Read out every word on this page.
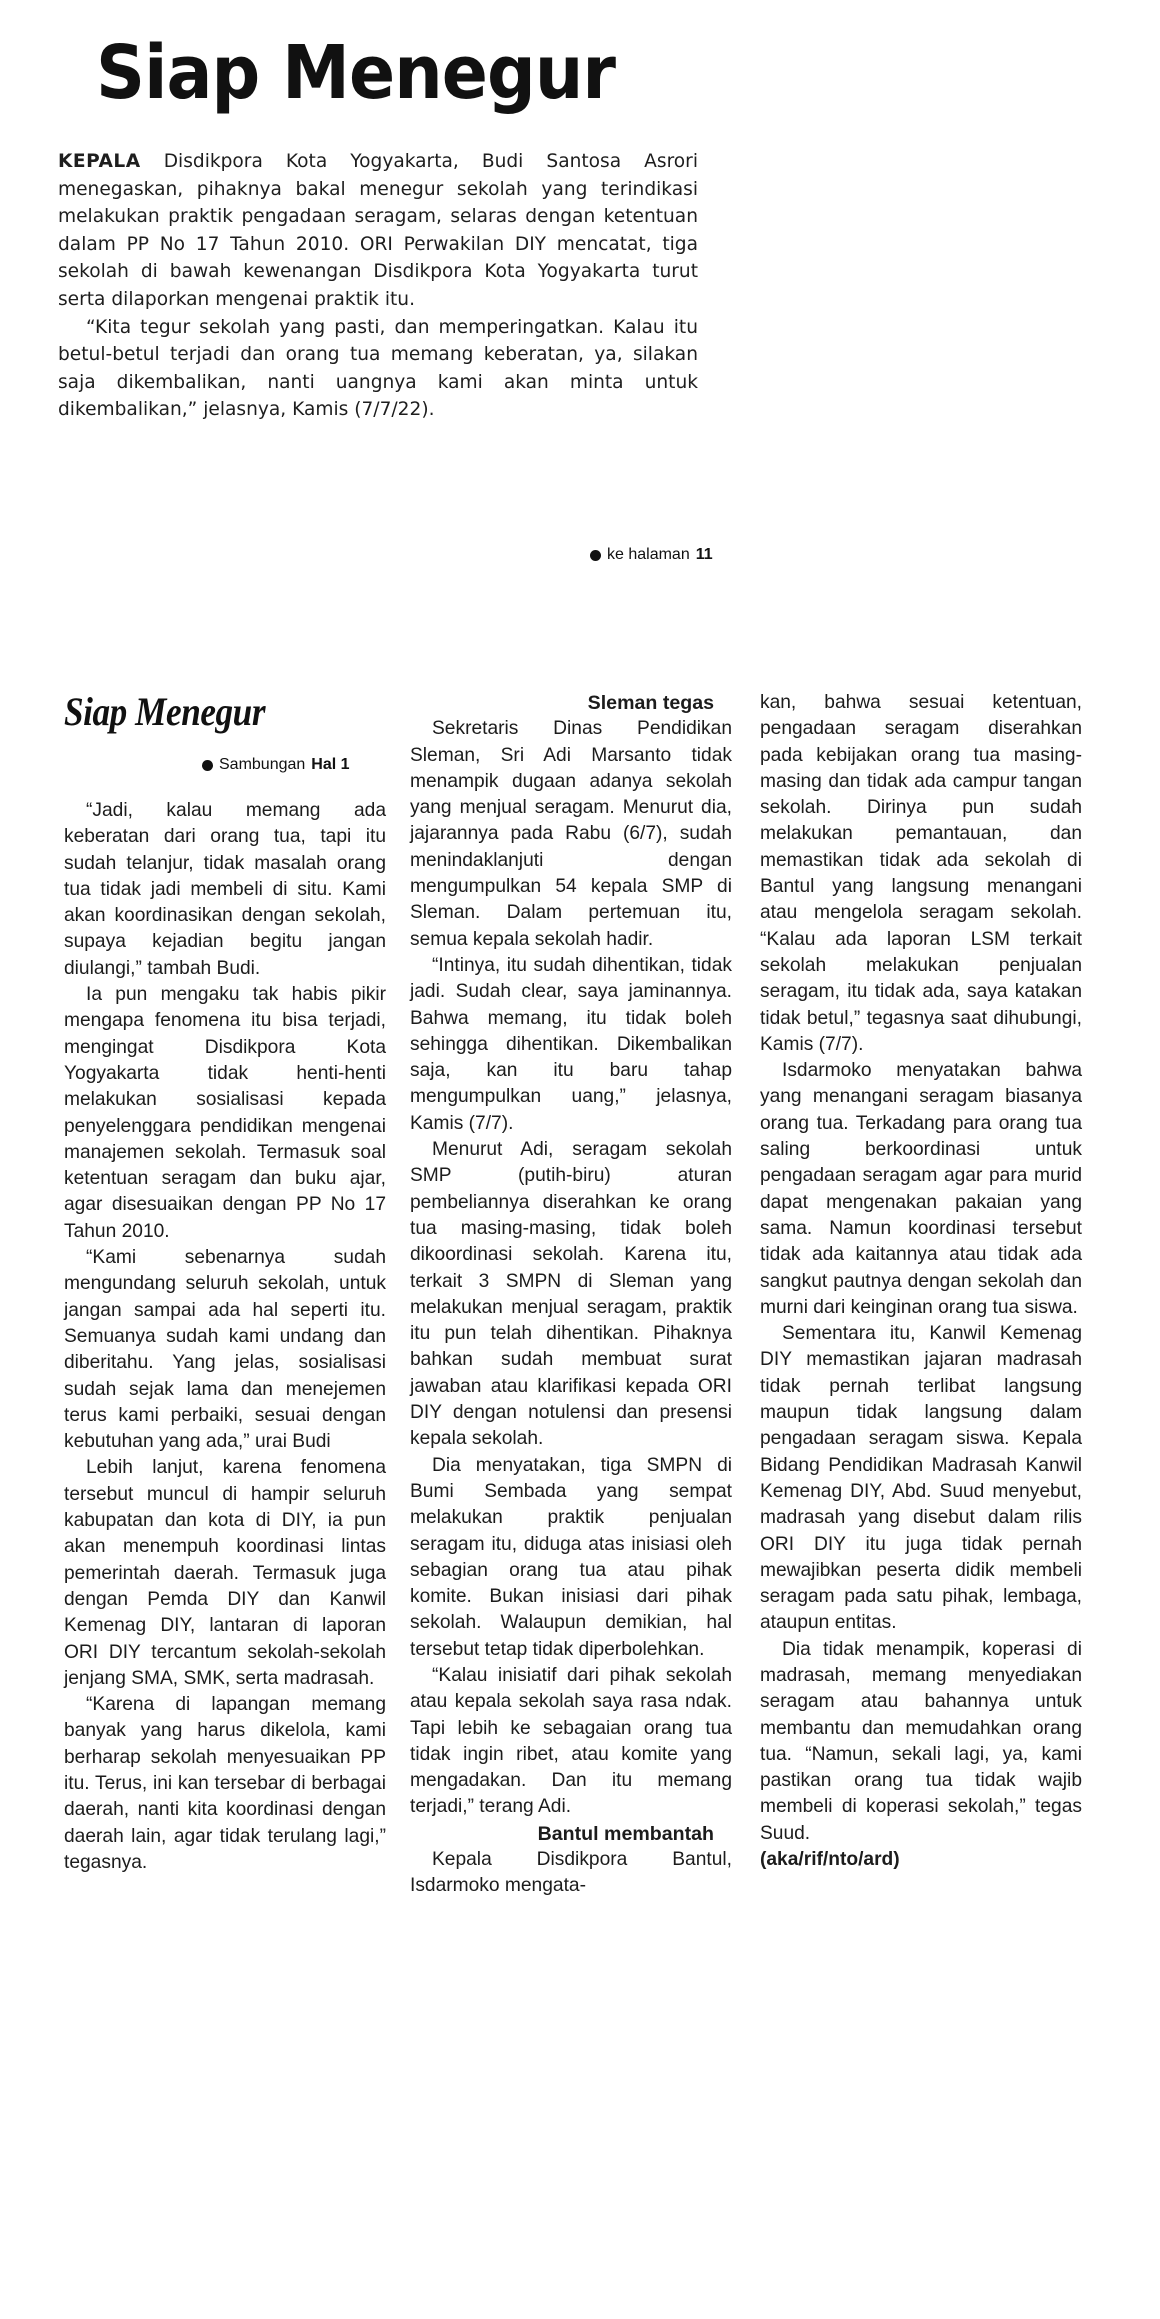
Siap Menegur

KEPALA Disdikpora Kota Yogyakarta, Budi Santosa Asrori menegaskan, pihaknya bakal menegur sekolah yang terindikasi melakukan praktik pengadaan seragam, selaras dengan ketentuan dalam PP No 17 Tahun 2010. ORI Perwakilan DIY mencatat, tiga sekolah di bawah kewenangan Disdikpora Kota Yogyakarta turut serta dilaporkan mengenai praktik itu.

“Kita tegur sekolah yang pasti, dan memperingatkan. Kalau itu betul-betul terjadi dan orang tua memang keberatan, ya, silakan saja dikembalikan, nanti uangnya kami akan minta untuk dikembalikan,” jelasnya, Kamis (7/7/22).

ke halaman 11
Siap Menegur
Sambungan Hal 1

“Jadi, kalau memang ada keberatan dari orang tua, tapi itu sudah telanjur, tidak masalah orang tua tidak jadi membeli di situ. Kami akan koordinasikan dengan sekolah, supaya kejadian begitu jangan diulangi,” tambah Budi.

Ia pun mengaku tak habis pikir mengapa fenomena itu bisa terjadi, mengingat Disdikpora Kota Yogyakarta tidak henti-henti melakukan sosialisasi kepada penyelenggara pendidikan mengenai manajemen sekolah. Termasuk soal ketentuan seragam dan buku ajar, agar disesuaikan dengan PP No 17 Tahun 2010.

“Kami sebenarnya sudah mengundang seluruh sekolah, untuk jangan sampai ada hal seperti itu. Semuanya sudah kami undang dan diberitahu. Yang jelas, sosialisasi sudah sejak lama dan menejemen terus kami perbaiki, sesuai dengan kebutuhan yang ada,” urai Budi

Lebih lanjut, karena fenomena tersebut muncul di hampir seluruh kabupatan dan kota di DIY, ia pun akan menempuh koordinasi lintas pemerintah daerah. Termasuk juga dengan Pemda DIY dan Kanwil Kemenag DIY, lantaran di laporan ORI DIY tercantum sekolah-sekolah jenjang SMA, SMK, serta madrasah.

“Karena di lapangan memang banyak yang harus dikelola, kami berharap sekolah menyesuaikan PP itu. Terus, ini kan tersebar di berbagai daerah, nanti kita koordinasi dengan daerah lain, agar tidak terulang lagi,” tegasnya.

Sleman tegas

Sekretaris Dinas Pendidikan Sleman, Sri Adi Marsanto tidak menampik dugaan adanya sekolah yang menjual seragam. Menurut dia, jajarannya pada Rabu (6/7), sudah menindaklanjuti dengan mengumpulkan 54 kepala SMP di Sleman. Dalam pertemuan itu, semua kepala sekolah hadir.

“Intinya, itu sudah dihentikan, tidak jadi. Sudah clear, saya jaminannya. Bahwa memang, itu tidak boleh sehingga dihentikan. Dikembalikan saja, kan itu baru tahap mengumpulkan uang,” jelasnya, Kamis (7/7).

Menurut Adi, seragam sekolah SMP (putih-biru) aturan pembeliannya diserahkan ke orang tua masing-masing, tidak boleh dikoordinasi sekolah. Karena itu, terkait 3 SMPN di Sleman yang melakukan menjual seragam, praktik itu pun telah dihentikan. Pihaknya bahkan sudah membuat surat jawaban atau klarifikasi kepada ORI DIY dengan notulensi dan presensi kepala sekolah.

Dia menyatakan, tiga SMPN di Bumi Sembada yang sempat melakukan praktik penjualan seragam itu, diduga atas inisiasi oleh sebagian orang tua atau pihak komite. Bukan inisiasi dari pihak sekolah. Walaupun demikian, hal tersebut tetap tidak diperbolehkan.

“Kalau inisiatif dari pihak sekolah atau kepala sekolah saya rasa ndak. Tapi lebih ke sebagaian orang tua tidak ingin ribet, atau komite yang mengadakan. Dan itu memang terjadi,” terang Adi.

Bantul membantah

Kepala Disdikpora Bantul, Isdarmoko mengata-

kan, bahwa sesuai ketentuan, pengadaan seragam diserahkan pada kebijakan orang tua masing-masing dan tidak ada campur tangan sekolah. Dirinya pun sudah melakukan pemantauan, dan memastikan tidak ada sekolah di Bantul yang langsung menangani atau mengelola seragam sekolah. “Kalau ada laporan LSM terkait sekolah melakukan penjualan seragam, itu tidak ada, saya katakan tidak betul,” tegasnya saat dihubungi, Kamis (7/7).

Isdarmoko menyatakan bahwa yang menangani seragam biasanya orang tua. Terkadang para orang tua saling berkoordinasi untuk pengadaan seragam agar para murid dapat mengenakan pakaian yang sama. Namun koordinasi tersebut tidak ada kaitannya atau tidak ada sangkut pautnya dengan sekolah dan murni dari keinginan orang tua siswa.

Sementara itu, Kanwil Kemenag DIY memastikan jajaran madrasah tidak pernah terlibat langsung maupun tidak langsung dalam pengadaan seragam siswa. Kepala Bidang Pendidikan Madrasah Kanwil Kemenag DIY, Abd. Suud menyebut, madrasah yang disebut dalam rilis ORI DIY itu juga tidak pernah mewajibkan peserta didik membeli seragam pada satu pihak, lembaga, ataupun entitas.

Dia tidak menampik, koperasi di madrasah, memang menyediakan seragam atau bahannya untuk membantu dan memudahkan orang tua. “Namun, sekali lagi, ya, kami pastikan orang tua tidak wajib membeli di koperasi sekolah,” tegas Suud.

(aka/rif/nto/ard)
